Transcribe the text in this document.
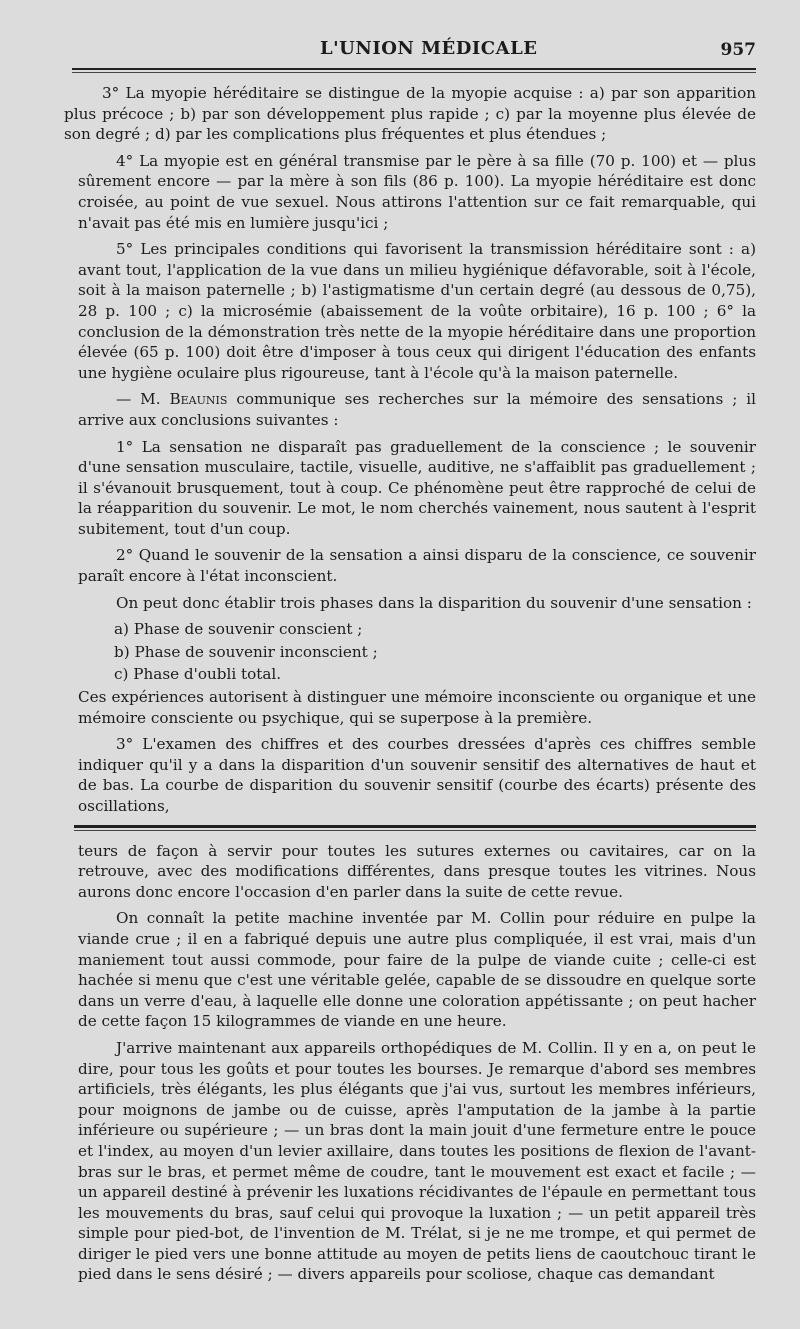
L'UNION MÉDICALE	957

3° La myopie héréditaire se distingue de la myopie acquise : a) par son apparition plus précoce ; b) par son développement plus rapide ; c) par la moyenne plus élevée de son degré ; d) par les complications plus fréquentes et plus étendues ;

4° La myopie est en général transmise par le père à sa fille (70 p. 100) et — plus sûrement encore — par la mère à son fils (86 p. 100). La myopie héréditaire est donc croisée, au point de vue sexuel. Nous attirons l'attention sur ce fait remarquable, qui n'avait pas été mis en lumière jusqu'ici ;

5° Les principales conditions qui favorisent la transmission héréditaire sont : a) avant tout, l'application de la vue dans un milieu hygiénique défavorable, soit à l'école, soit à la maison paternelle ; b) l'astigmatisme d'un certain degré (au dessous de 0,75), 28 p. 100 ; c) la microsémie (abaissement de la voûte orbitaire), 16 p. 100 ; 6° la conclusion de la démonstration très nette de la myopie héréditaire dans une proportion élevée (65 p. 100) doit être d'imposer à tous ceux qui dirigent l'éducation des enfants une hygiène oculaire plus rigoureuse, tant à l'école qu'à la maison paternelle.

— M. Beaunis communique ses recherches sur la mémoire des sensations ; il arrive aux conclusions suivantes :

1° La sensation ne disparaît pas graduellement de la conscience ; le souvenir d'une sensation musculaire, tactile, visuelle, auditive, ne s'affaiblit pas graduellement ; il s'évanouit brusquement, tout à coup. Ce phénomène peut être rapproché de celui de la réapparition du souvenir. Le mot, le nom cherchés vainement, nous sautent à l'esprit subitement, tout d'un coup.

2° Quand le souvenir de la sensation a ainsi disparu de la conscience, ce souvenir paraît encore à l'état inconscient.

On peut donc établir trois phases dans la disparition du souvenir d'une sensation :

a) Phase de souvenir conscient ;

b) Phase de souvenir inconscient ;

c) Phase d'oubli total.

Ces expériences autorisent à distinguer une mémoire inconsciente ou organique et une mémoire consciente ou psychique, qui se superpose à la première.

3° L'examen des chiffres et des courbes dressées d'après ces chiffres semble indiquer qu'il y a dans la disparition d'un souvenir sensitif des alternatives de haut et de bas. La courbe de disparition du souvenir sensitif (courbe des écarts) présente des oscillations,

teurs de façon à servir pour toutes les sutures externes ou cavitaires, car on la retrouve, avec des modifications différentes, dans presque toutes les vitrines. Nous aurons donc encore l'occasion d'en parler dans la suite de cette revue.

On connaît la petite machine inventée par M. Collin pour réduire en pulpe la viande crue ; il en a fabriqué depuis une autre plus compliquée, il est vrai, mais d'un maniement tout aussi commode, pour faire de la pulpe de viande cuite ; celle-ci est hachée si menu que c'est une véritable gelée, capable de se dissoudre en quelque sorte dans un verre d'eau, à laquelle elle donne une coloration appétissante ; on peut hacher de cette façon 15 kilogrammes de viande en une heure.

J'arrive maintenant aux appareils orthopédiques de M. Collin. Il y en a, on peut le dire, pour tous les goûts et pour toutes les bourses. Je remarque d'abord ses membres artificiels, très élégants, les plus élégants que j'ai vus, surtout les membres inférieurs, pour moignons de jambe ou de cuisse, après l'amputation de la jambe à la partie inférieure ou supérieure ; — un bras dont la main jouit d'une fermeture entre le pouce et l'index, au moyen d'un levier axillaire, dans toutes les positions de flexion de l'avant-bras sur le bras, et permet même de coudre, tant le mouvement est exact et facile ; — un appareil destiné à prévenir les luxations récidivantes de l'épaule en permettant tous les mouvements du bras, sauf celui qui provoque la luxation ; — un petit appareil très simple pour pied-bot, de l'invention de M. Trélat, si je ne me trompe, et qui permet de diriger le pied vers une bonne attitude au moyen de petits liens de caoutchouc tirant le pied dans le sens désiré ; — divers appareils pour scoliose, chaque cas demandant
